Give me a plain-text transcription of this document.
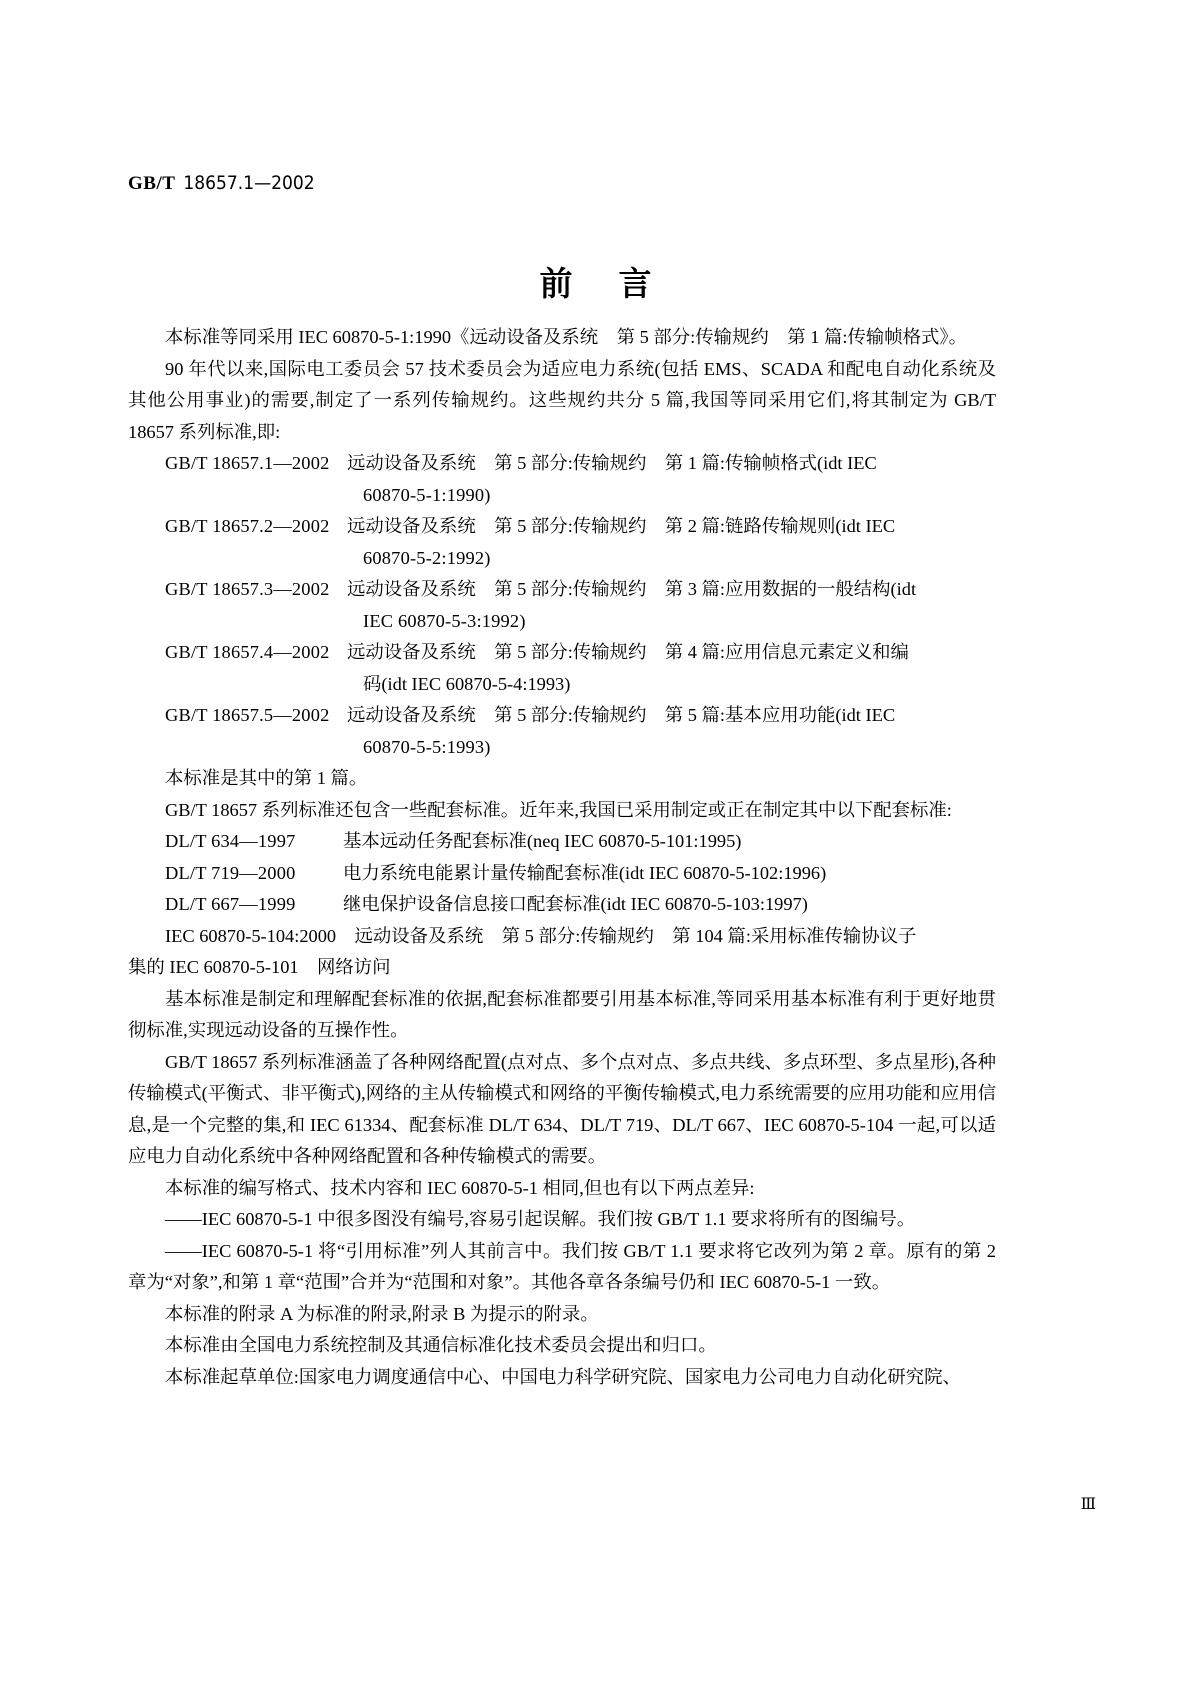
GB/T 18657.1—2002
前 言

本标准等同采用 IEC 60870-5-1:1990《远动设备及系统　第 5 部分:传输规约　第 1 篇:传输帧格式》。

90 年代以来,国际电工委员会 57 技术委员会为适应电力系统(包括 EMS、SCADA 和配电自动化系统及其他公用事业)的需要,制定了一系列传输规约。这些规约共分 5 篇,我国等同采用它们,将其制定为 GB/T 18657 系列标准,即:

GB/T 18657.1—2002 远动设备及系统　第 5 部分:传输规约　第 1 篇:传输帧格式(idt IEC
60870-5-1:1990)
GB/T 18657.2—2002 远动设备及系统　第 5 部分:传输规约　第 2 篇:链路传输规则(idt IEC
60870-5-2:1992)
GB/T 18657.3—2002 远动设备及系统　第 5 部分:传输规约　第 3 篇:应用数据的一般结构(idt
IEC 60870-5-3:1992)
GB/T 18657.4—2002 远动设备及系统　第 5 部分:传输规约　第 4 篇:应用信息元素定义和编
码(idt IEC 60870-5-4:1993)
GB/T 18657.5—2002 远动设备及系统　第 5 部分:传输规约　第 5 篇:基本应用功能(idt IEC
60870-5-5:1993)

本标准是其中的第 1 篇。

GB/T 18657 系列标准还包含一些配套标准。近年来,我国已采用制定或正在制定其中以下配套标准:

DL/T 634—1997	基本远动任务配套标准(neq IEC 60870-5-101:1995)
DL/T 719—2000	电力系统电能累计量传输配套标准(idt IEC 60870-5-102:1996)
DL/T 667—1999	继电保护设备信息接口配套标准(idt IEC 60870-5-103:1997)

IEC 60870-5-104:2000　远动设备及系统　第 5 部分:传输规约　第 104 篇:采用标准传输协议子

集的 IEC 60870-5-101　网络访问

基本标准是制定和理解配套标准的依据,配套标准都要引用基本标准,等同采用基本标准有利于更好地贯彻标准,实现远动设备的互操作性。

GB/T 18657 系列标准涵盖了各种网络配置(点对点、多个点对点、多点共线、多点环型、多点星形),各种传输模式(平衡式、非平衡式),网络的主从传输模式和网络的平衡传输模式,电力系统需要的应用功能和应用信息,是一个完整的集,和 IEC 61334、配套标准 DL/T 634、DL/T 719、DL/T 667、IEC 60870-5-104 一起,可以适应电力自动化系统中各种网络配置和各种传输模式的需要。

本标准的编写格式、技术内容和 IEC 60870-5-1 相同,但也有以下两点差异:

——IEC 60870-5-1 中很多图没有编号,容易引起误解。我们按 GB/T 1.1 要求将所有的图编号。
——IEC 60870-5-1 将“引用标准”列人其前言中。我们按 GB/T 1.1 要求将它改列为第 2 章。原有的第 2 章为“对象”,和第 1 章“范围”合并为“范围和对象”。其他各章各条编号仍和 IEC 60870-5-1 一致。

本标准的附录 A 为标准的附录,附录 B 为提示的附录。

本标准由全国电力系统控制及其通信标准化技术委员会提出和归口。

本标准起草单位:国家电力调度通信中心、中国电力科学研究院、国家电力公司电力自动化研究院、

Ⅲ
